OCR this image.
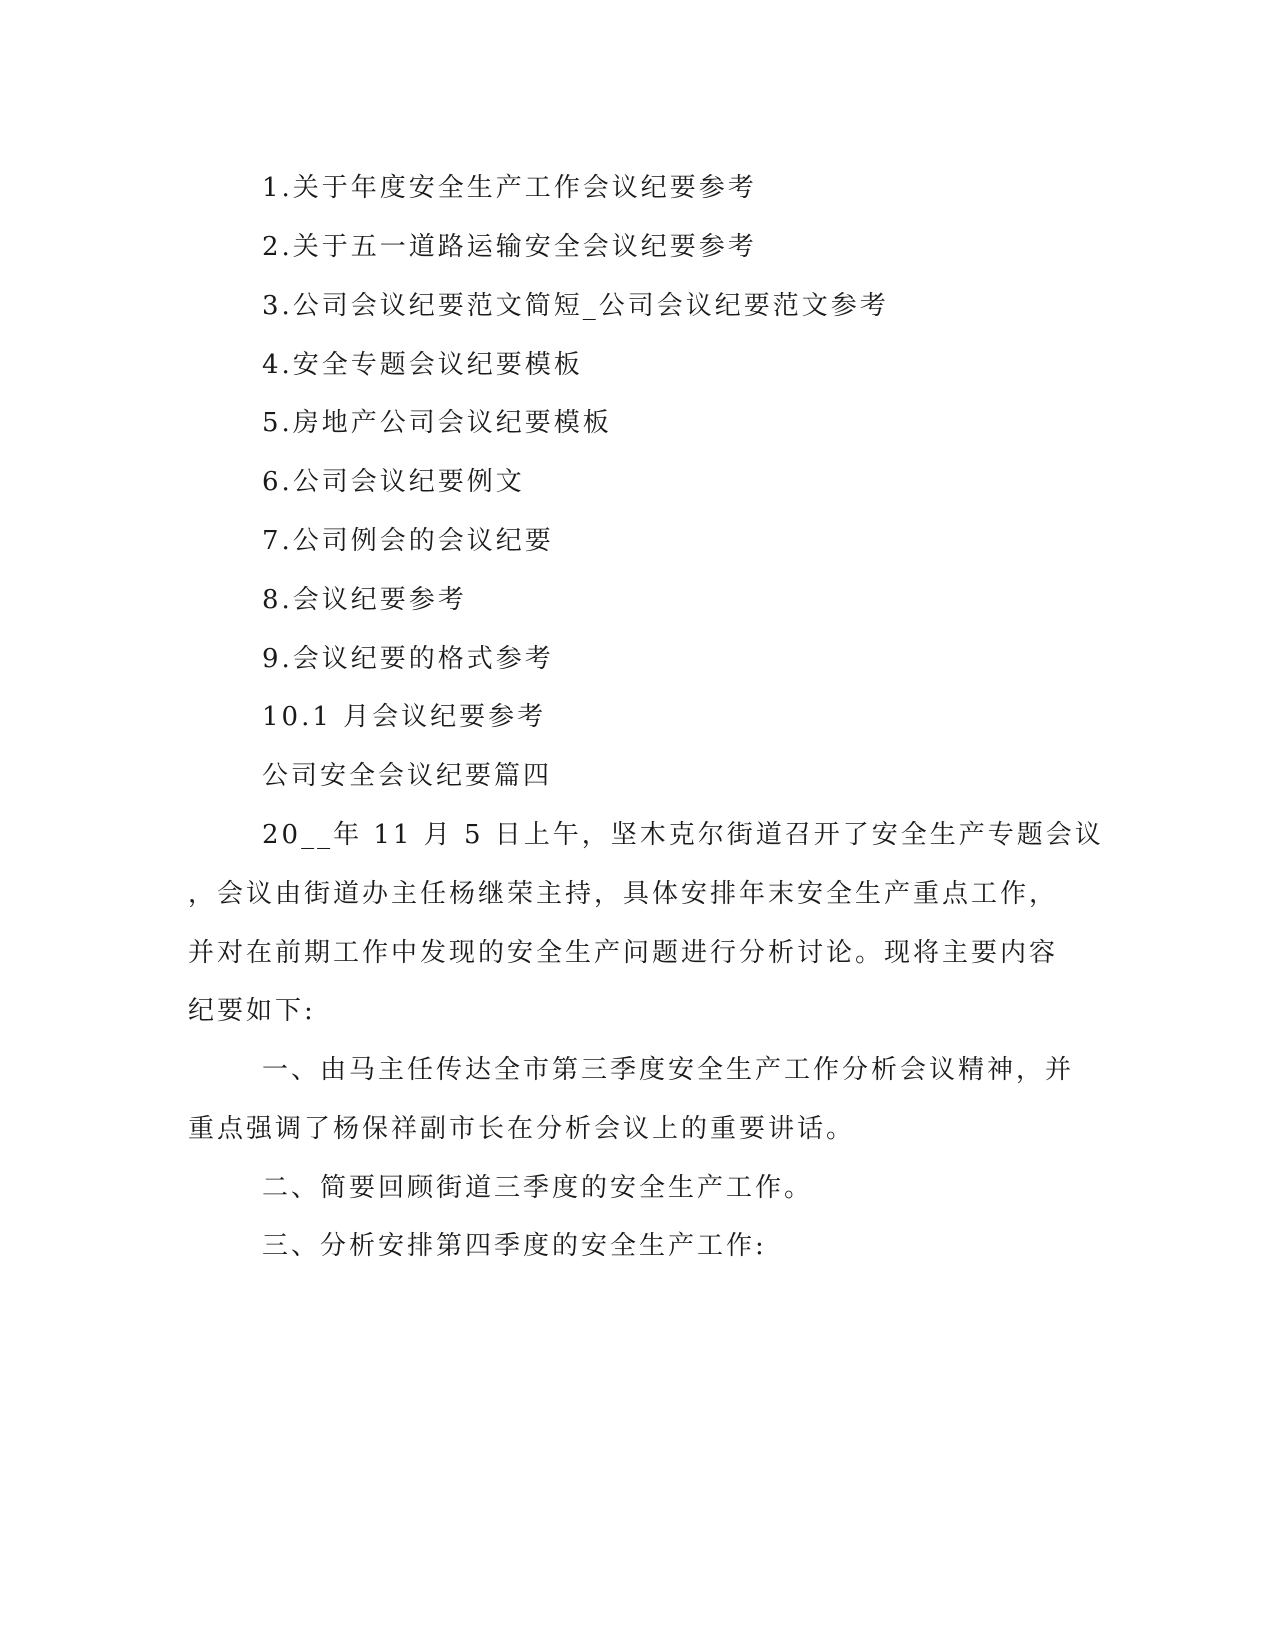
1.关于年度安全生产工作会议纪要参考
2.关于五一道路运输安全会议纪要参考
3.公司会议纪要范文简短_公司会议纪要范文参考
4.安全专题会议纪要模板
5.房地产公司会议纪要模板
6.公司会议纪要例文
7.公司例会的会议纪要
8.会议纪要参考
9.会议纪要的格式参考
10.1 月会议纪要参考
公司安全会议纪要篇四
20__年 11 月 5 日上午，坚木克尔街道召开了安全生产专题会议
，会议由街道办主任杨继荣主持，具体安排年末安全生产重点工作，
并对在前期工作中发现的安全生产问题进行分析讨论。现将主要内容
纪要如下:
一、由马主任传达全市第三季度安全生产工作分析会议精神，并
重点强调了杨保祥副市长在分析会议上的重要讲话。
二、简要回顾街道三季度的安全生产工作。
三、分析安排第四季度的安全生产工作:
